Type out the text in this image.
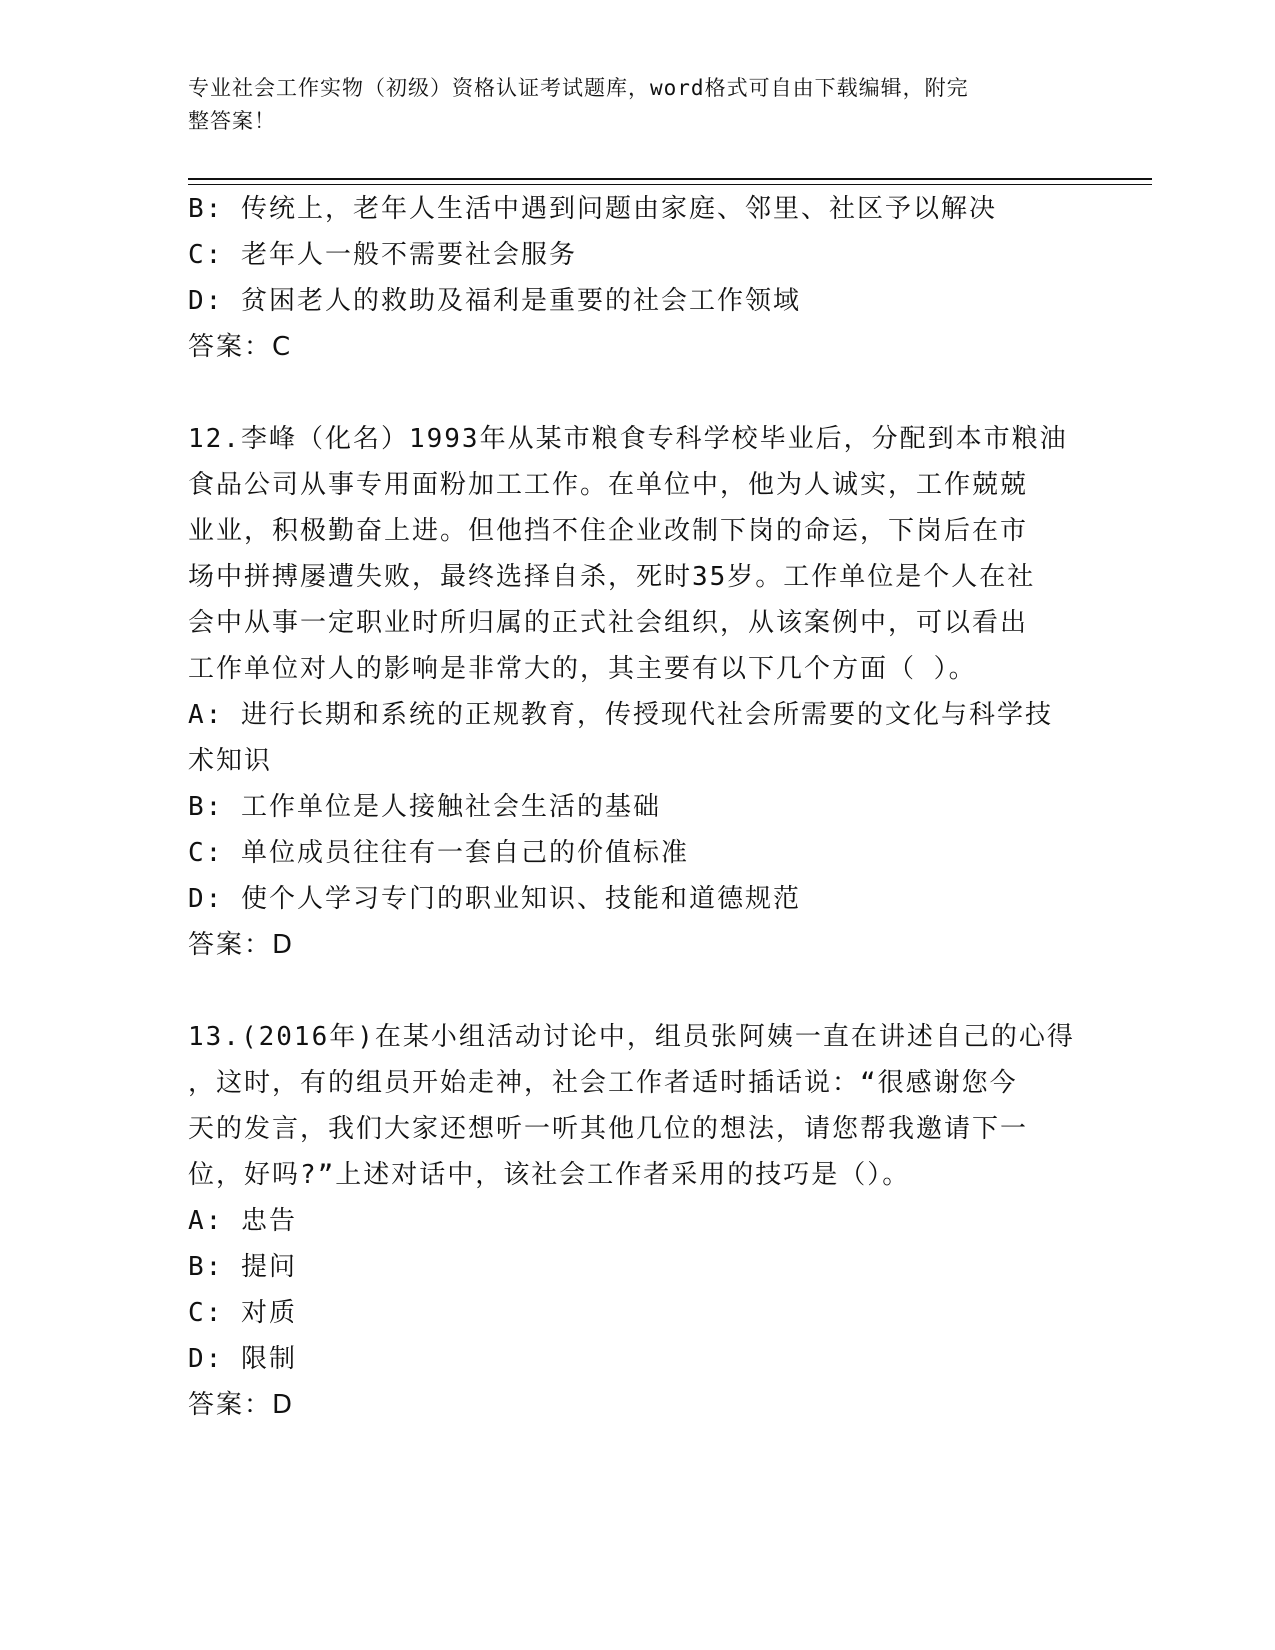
专业社会工作实物（初级）资格认证考试题库，word格式可自由下载编辑，附完
整答案！
B: 传统上，老年人生活中遇到问题由家庭、邻里、社区予以解决
C: 老年人一般不需要社会服务
D: 贫困老人的救助及福利是重要的社会工作领域
答案：C
12.李峰（化名）1993年从某市粮食专科学校毕业后，分配到本市粮油
食品公司从事专用面粉加工工作。在单位中，他为人诚实，工作兢兢
业业，积极勤奋上进。但他挡不住企业改制下岗的命运，下岗后在市
场中拼搏屡遭失败，最终选择自杀，死时35岁。工作单位是个人在社
会中从事一定职业时所归属的正式社会组织，从该案例中，可以看出
工作单位对人的影响是非常大的，其主要有以下几个方面（ ）。
A: 进行长期和系统的正规教育，传授现代社会所需要的文化与科学技
术知识
B: 工作单位是人接触社会生活的基础
C: 单位成员往往有一套自己的价值标准
D: 使个人学习专门的职业知识、技能和道德规范
答案：D
13.(2016年)在某小组活动讨论中，组员张阿姨一直在讲述自己的心得
，这时，有的组员开始走神，社会工作者适时插话说：“很感谢您今
天的发言，我们大家还想听一听其他几位的想法，请您帮我邀请下一
位，好吗?”上述对话中，该社会工作者采用的技巧是（）。
A: 忠告
B: 提问
C: 对质
D: 限制
答案：D
